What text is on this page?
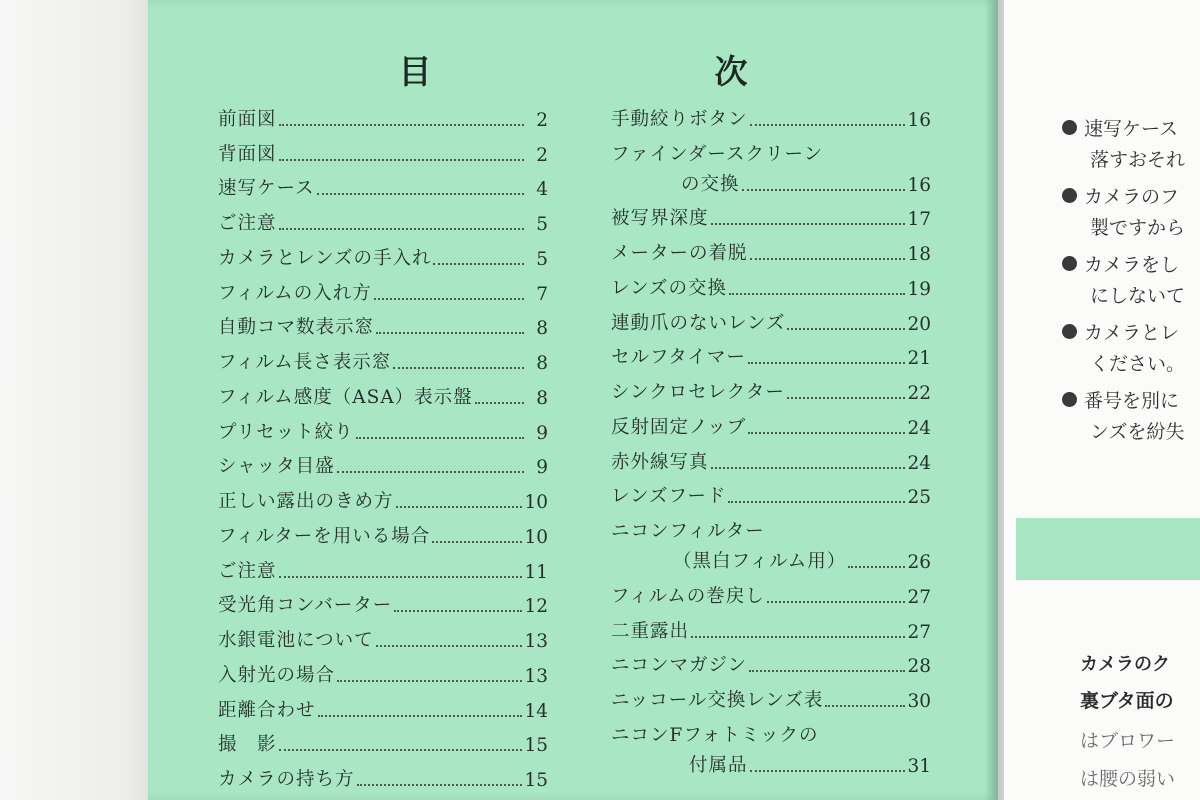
目　次
前面図	2
背面図	2
速写ケース	4
ご注意	5
カメラとレンズの手入れ	5
フィルムの入れ方	7
自動コマ数表示窓	8
フィルム長さ表示窓	8
フィルム感度（ASA）表示盤	8
プリセット絞り	9
シャッタ目盛	9
正しい露出のきめ方	10
フィルターを用いる場合	10
ご注意	11
受光角コンバーター	12
水銀電池について	13
入射光の場合	13
距離合わせ	14
撮　影	15
カメラの持ち方	15
手動絞りボタン	16
ファインダースクリーン
の交換	16
被写界深度	17
メーターの着脱	18
レンズの交換	19
連動爪のないレンズ	20
セルフタイマー	21
シンクロセレクター	22
反射固定ノッブ	24
赤外線写真	24
レンズフード	25
ニコンフィルター
（黒白フィルム用）	26
フィルムの巻戻し	27
二重露出	27
ニコンマガジン	28
ニッコール交換レンズ表	30
ニコンFフォトミックの
付属品	31
速写ケース
落すおそれ
カメラのフ
製ですから
カメラをし
にしないて
カメラとレ
ください。
番号を別に
ンズを紛失
カメラのク
裏ブタ面の
はブロワー
は腰の弱い
